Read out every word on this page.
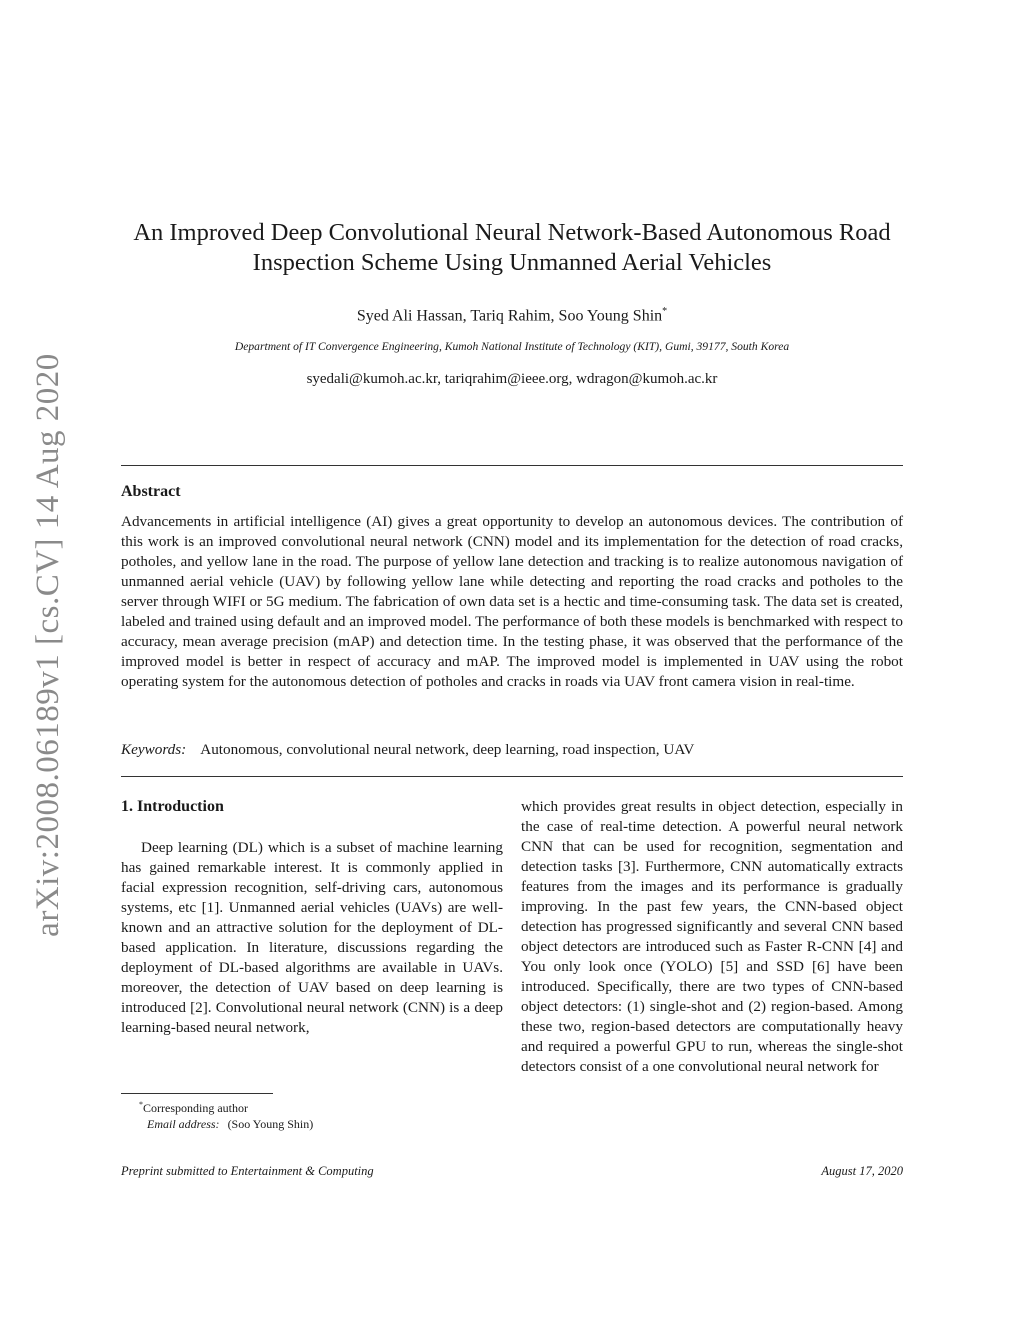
arXiv:2008.06189v1 [cs.CV] 14 Aug 2020
An Improved Deep Convolutional Neural Network-Based Autonomous Road
Inspection Scheme Using Unmanned Aerial Vehicles
Syed Ali Hassan, Tariq Rahim, Soo Young Shin*
Department of IT Convergence Engineering, Kumoh National Institute of Technology (KIT), Gumi, 39177, South Korea
syedali@kumoh.ac.kr, tariqrahim@ieee.org, wdragon@kumoh.ac.kr
Abstract
Advancements in artificial intelligence (AI) gives a great opportunity to develop an autonomous devices. The contribution of this work is an improved convolutional neural network (CNN) model and its implementation for the detection of road cracks, potholes, and yellow lane in the road. The purpose of yellow lane detection and tracking is to realize autonomous navigation of unmanned aerial vehicle (UAV) by following yellow lane while detecting and reporting the road cracks and potholes to the server through WIFI or 5G medium. The fabrication of own data set is a hectic and time-consuming task. The data set is created, labeled and trained using default and an improved model. The performance of both these models is benchmarked with respect to accuracy, mean average precision (mAP) and detection time. In the testing phase, it was observed that the performance of the improved model is better in respect of accuracy and mAP. The improved model is implemented in UAV using the robot operating system for the autonomous detection of potholes and cracks in roads via UAV front camera vision in real-time.
Keywords: Autonomous, convolutional neural network, deep learning, road inspection, UAV
1. Introduction
Deep learning (DL) which is a subset of machine learning has gained remarkable interest. It is commonly applied in facial expression recognition, self-driving cars, autonomous systems, etc [1]. Unmanned aerial vehicles (UAVs) are well-known and an attractive solution for the deployment of DL-based application. In literature, discussions regarding the deployment of DL-based algorithms are available in UAVs. moreover, the detection of UAV based on deep learning is introduced [2]. Convolutional neural network (CNN) is a deep learning-based neural network,
which provides great results in object detection, especially in the case of real-time detection. A powerful neural network CNN that can be used for recognition, segmentation and detection tasks [3]. Furthermore, CNN automatically extracts features from the images and its performance is gradually improving. In the past few years, the CNN-based object detection has progressed significantly and several CNN based object detectors are introduced such as Faster R-CNN [4] and You only look once (YOLO) [5] and SSD [6] have been introduced. Specifically, there are two types of CNN-based object detectors: (1) single-shot and (2) region-based. Among these two, region-based detectors are computationally heavy and required a powerful GPU to run, whereas the single-shot detectors consist of a one convolutional neural network for
*Corresponding author
Email address: (Soo Young Shin)
Preprint submitted to Entertainment & Computing	August 17, 2020
